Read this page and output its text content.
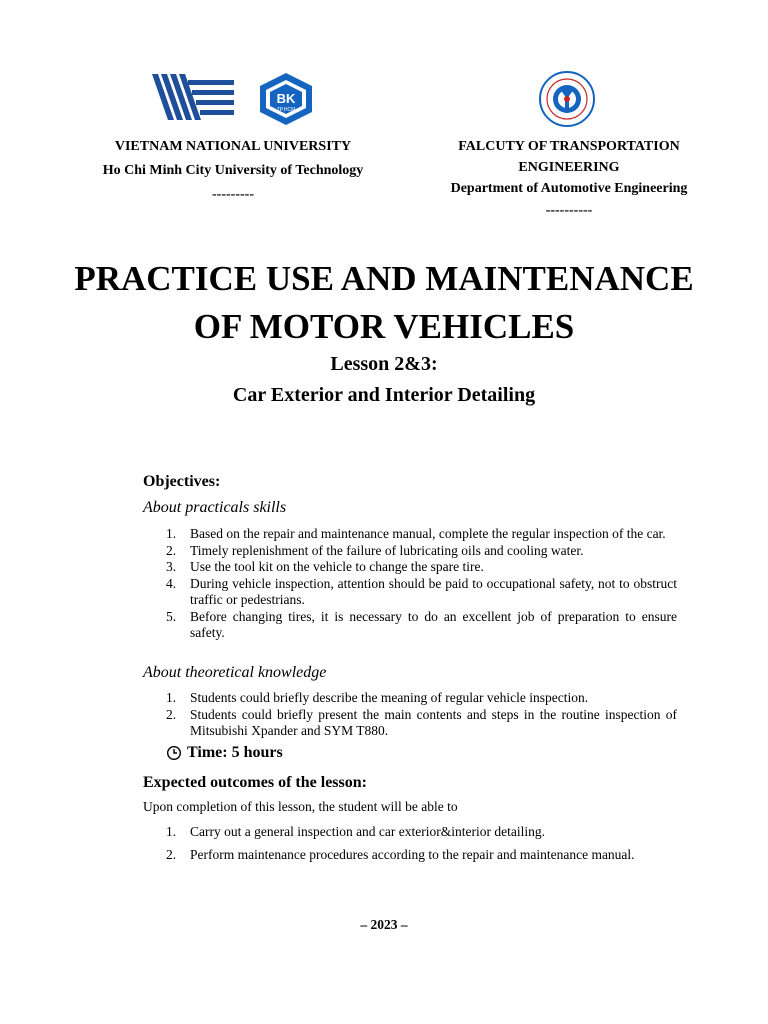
BK
TP.HCM
VIETNAM NATIONAL UNIVERSITY
Ho Chi Minh City University of Technology
---------
FALCUTY OF TRANSPORTATION
ENGINEERING
Department of Automotive Engineering
----------
PRACTICE USE AND MAINTENANCE
OF MOTOR VEHICLES
Lesson 2&3:
Car Exterior and Interior Detailing
Objectives:
About practicals skills
1. Based on the repair and maintenance manual, complete the regular inspection of the car.
2. Timely replenishment of the failure of lubricating oils and cooling water.
3. Use the tool kit on the vehicle to change the spare tire.
4. During vehicle inspection, attention should be paid to occupational safety, not to obstruct traffic or pedestrians.
5. Before changing tires, it is necessary to do an excellent job of preparation to ensure safety.
About theoretical knowledge
1. Students could briefly describe the meaning of regular vehicle inspection.
2. Students could briefly present the main contents and steps in the routine inspection of Mitsubishi Xpander and SYM T880.
Time: 5 hours
Expected outcomes of the lesson:
Upon completion of this lesson, the student will be able to
1. Carry out a general inspection and car exterior&interior detailing.
2. Perform maintenance procedures according to the repair and maintenance manual.
– 2023 –
